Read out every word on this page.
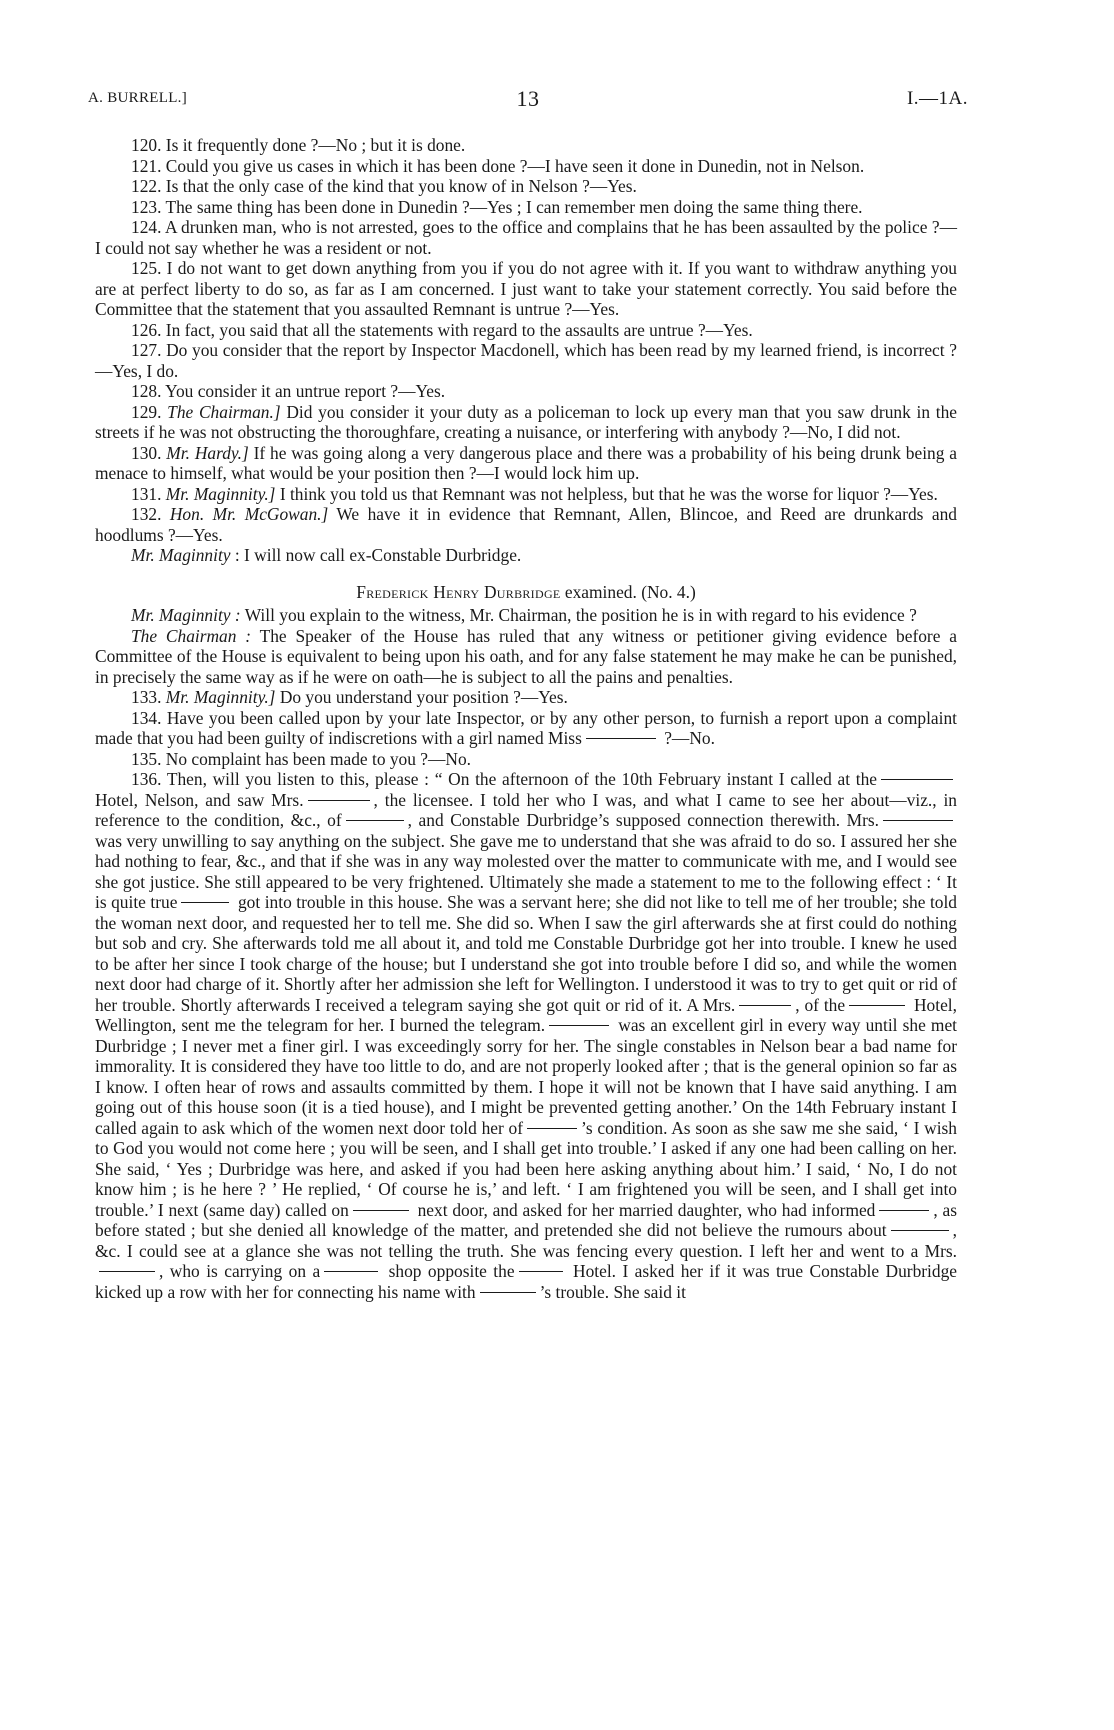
A. BURRELL.]	13	I.—1A.

120. Is it frequently done ?—No ; but it is done.

121. Could you give us cases in which it has been done ?—I have seen it done in Dunedin, not in Nelson.

122. Is that the only case of the kind that you know of in Nelson ?—Yes.

123. The same thing has been done in Dunedin ?—Yes ; I can remember men doing the same thing there.

124. A drunken man, who is not arrested, goes to the office and complains that he has been assaulted by the police ?—I could not say whether he was a resident or not.

125. I do not want to get down anything from you if you do not agree with it. If you want to withdraw anything you are at perfect liberty to do so, as far as I am concerned. I just want to take your statement correctly. You said before the Committee that the statement that you assaulted Remnant is untrue ?—Yes.

126. In fact, you said that all the statements with regard to the assaults are untrue ?—Yes.

127. Do you consider that the report by Inspector Macdonell, which has been read by my learned friend, is incorrect ?—Yes, I do.

128. You consider it an untrue report ?—Yes.

129. The Chairman.] Did you consider it your duty as a policeman to lock up every man that you saw drunk in the streets if he was not obstructing the thoroughfare, creating a nuisance, or interfering with anybody ?—No, I did not.

130. Mr. Hardy.] If he was going along a very dangerous place and there was a probability of his being drunk being a menace to himself, what would be your position then ?—I would lock him up.

131. Mr. Maginnity.] I think you told us that Remnant was not helpless, but that he was the worse for liquor ?—Yes.

132. Hon. Mr. McGowan.] We have it in evidence that Remnant, Allen, Blincoe, and Reed are drunkards and hoodlums ?—Yes.

Mr. Maginnity : I will now call ex-Constable Durbridge.

Frederick Henry Durbridge examined. (No. 4.)

Mr. Maginnity : Will you explain to the witness, Mr. Chairman, the position he is in with regard to his evidence ?

The Chairman : The Speaker of the House has ruled that any witness or petitioner giving evidence before a Committee of the House is equivalent to being upon his oath, and for any false statement he may make he can be punished, in precisely the same way as if he were on oath—he is subject to all the pains and penalties.

133. Mr. Maginnity.] Do you understand your position ?—Yes.

134. Have you been called upon by your late Inspector, or by any other person, to furnish a report upon a complaint made that you had been guilty of indiscretions with a girl named Miss	?—No.

135. No complaint has been made to you ?—No.

136. Then, will you listen to this, please : “ On the afternoon of the 10th February instant I called at the Hotel, Nelson, and saw Mrs.	, the licensee. I told her who I was, and what I came to see her about—viz., in reference to the condition, &c., of	, and Constable Durbridge’s supposed connection therewith. Mrs. was very unwilling to say anything on the subject. She gave me to understand that she was afraid to do so. I assured her she had nothing to fear, &c., and that if she was in any way molested over the matter to communicate with me, and I would see she got justice. She still appeared to be very frightened. Ultimately she made a statement to me to the following effect : ‘ It is quite true	got into trouble in this house. She was a servant here; she did not like to tell me of her trouble; she told the woman next door, and requested her to tell me. She did so. When I saw the girl afterwards she at first could do nothing but sob and cry. She afterwards told me all about it, and told me Constable Durbridge got her into trouble. I knew he used to be after her since I took charge of the house; but I understand she got into trouble before I did so, and while the women next door had charge of it. Shortly after her admission she left for Wellington. I understood it was to try to get quit or rid of her trouble. Shortly afterwards I received a telegram saying she got quit or rid of it. A Mrs.	, of the	Hotel, Wellington, sent me the telegram for her. I burned the telegram.	was an excellent girl in every way until she met Durbridge ; I never met a finer girl. I was exceedingly sorry for her. The single constables in Nelson bear a bad name for immorality. It is considered they have too little to do, and are not properly looked after ; that is the general opinion so far as I know. I often hear of rows and assaults committed by them. I hope it will not be known that I have said anything. I am going out of this house soon (it is a tied house), and I might be prevented getting another.’ On the 14th February instant I called again to ask which of the women next door told her of	’s condition. As soon as she saw me she said, ‘ I wish to God you would not come here ; you will be seen, and I shall get into trouble.’ I asked if any one had been calling on her. She said, ‘ Yes ; Durbridge was here, and asked if you had been here asking anything about him.’ I said, ‘ No, I do not know him ; is he here ? ’ He replied, ‘ Of course he is,’ and left. ‘ I am frightened you will be seen, and I shall get into trouble.’ I next (same day) called on	next door, and asked for her married daughter, who had informed	, as before stated ; but she denied all knowledge of the matter, and pretended she did not believe the rumours about	, &c. I could see at a glance she was not telling the truth. She was fencing every question. I left her and went to a Mrs., who is carrying on a	shop opposite the	Hotel. I asked her if it was true Constable Durbridge kicked up a row with her for connecting his name with	’s trouble. She said it
